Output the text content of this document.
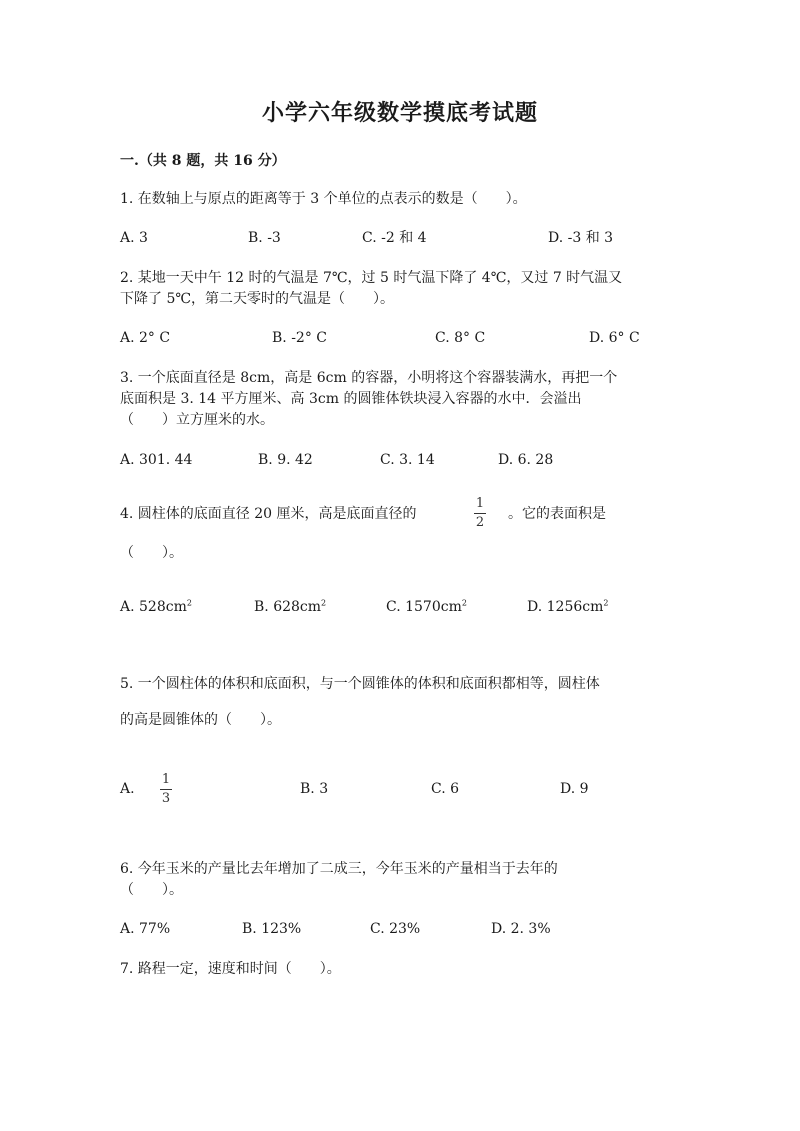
小学六年级数学摸底考试题
一.（共 8 题，共 16 分）
1. 在数轴上与原点的距离等于 3 个单位的点表示的数是（　　）。
A. 3	B. -3	C. -2 和 4	D. -3 和 3
2. 某地一天中午 12 时的气温是 7℃，过 5 时气温下降了 4℃，又过 7 时气温又
下降了 5℃，第二天零时的气温是（　　）。
A. 2° C	B. -2° C	C. 8° C	D. 6° C
3. 一个底面直径是 8cm，高是 6cm 的容器，小明将这个容器装满水，再把一个
底面积是 3. 14 平方厘米、高 3cm 的圆锥体铁块浸入容器的水中．会溢出
（　　）立方厘米的水。
A. 301. 44	B. 9. 42	C. 3. 14	D. 6. 28
4. 圆柱体的底面直径 20 厘米，高是底面直径的
1
2
。它的表面积是
（　　）。
A. $528cm^2$	B. $628cm^2$	C. $1570cm^2$	D. $1256cm^2$
5. 一个圆柱体的体积和底面积，与一个圆锥体的体积和底面积都相等，圆柱体
的高是圆锥体的（　　）。
A.
1
3
B. 3	C. 6	D. 9
6. 今年玉米的产量比去年增加了二成三，今年玉米的产量相当于去年的
（　　）。
A. 77%	B. 123%	C. 23%	D. 2. 3%
7. 路程一定，速度和时间（　　）。
